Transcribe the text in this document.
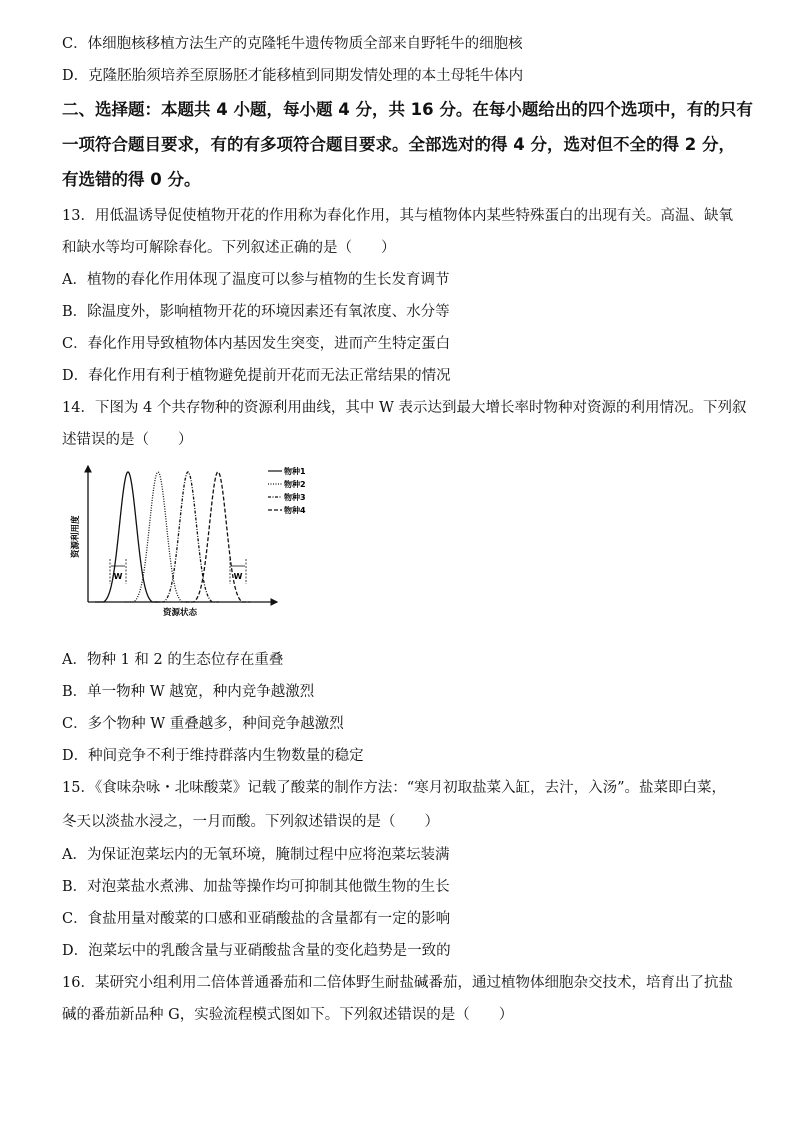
C．体细胞核移植方法生产的克隆牦牛遗传物质全部来自野牦牛的细胞核
D．克隆胚胎须培养至原肠胚才能移植到同期发情处理的本土母牦牛体内
二、选择题：本题共 4 小题，每小题 4 分，共 16 分。在每小题给出的四个选项中，有的只有
一项符合题目要求，有的有多项符合题目要求。全部选对的得 4 分，选对但不全的得 2 分，
有选错的得 0 分。
13．用低温诱导促使植物开花的作用称为春化作用，其与植物体内某些特殊蛋白的出现有关。高温、缺氧
和缺水等均可解除春化。下列叙述正确的是（　　）
A．植物的春化作用体现了温度可以参与植物的生长发育调节
B．除温度外，影响植物开花的环境因素还有氧浓度、水分等
C．春化作用导致植物体内基因发生突变，进而产生特定蛋白
D．春化作用有利于植物避免提前开花而无法正常结果的情况
14．下图为 4 个共存物种的资源利用曲线，其中 W 表示达到最大增长率时物种对资源的利用情况。下列叙
述错误的是（　　）
W	W
资源利用度
资源状态
物种1
物种2
物种3
物种4
A．物种 1 和 2 的生态位存在重叠
B．单一物种 W 越宽，种内竞争越激烈
C．多个物种 W 重叠越多，种间竞争越激烈
D．种间竞争不利于维持群落内生物数量的稳定
15．《食味杂咏・北味酸菜》记载了酸菜的制作方法：“寒月初取盐菜入缸，去汁，入汤”。盐菜即白菜，
冬天以淡盐水浸之，一月而酸。下列叙述错误的是（　　）
A．为保证泡菜坛内的无氧环境，腌制过程中应将泡菜坛装满
B．对泡菜盐水煮沸、加盐等操作均可抑制其他微生物的生长
C．食盐用量对酸菜的口感和亚硝酸盐的含量都有一定的影响
D．泡菜坛中的乳酸含量与亚硝酸盐含量的变化趋势是一致的
16．某研究小组利用二倍体普通番茄和二倍体野生耐盐碱番茄，通过植物体细胞杂交技术，培育出了抗盐
碱的番茄新品种 G，实验流程模式图如下。下列叙述错误的是（　　）
